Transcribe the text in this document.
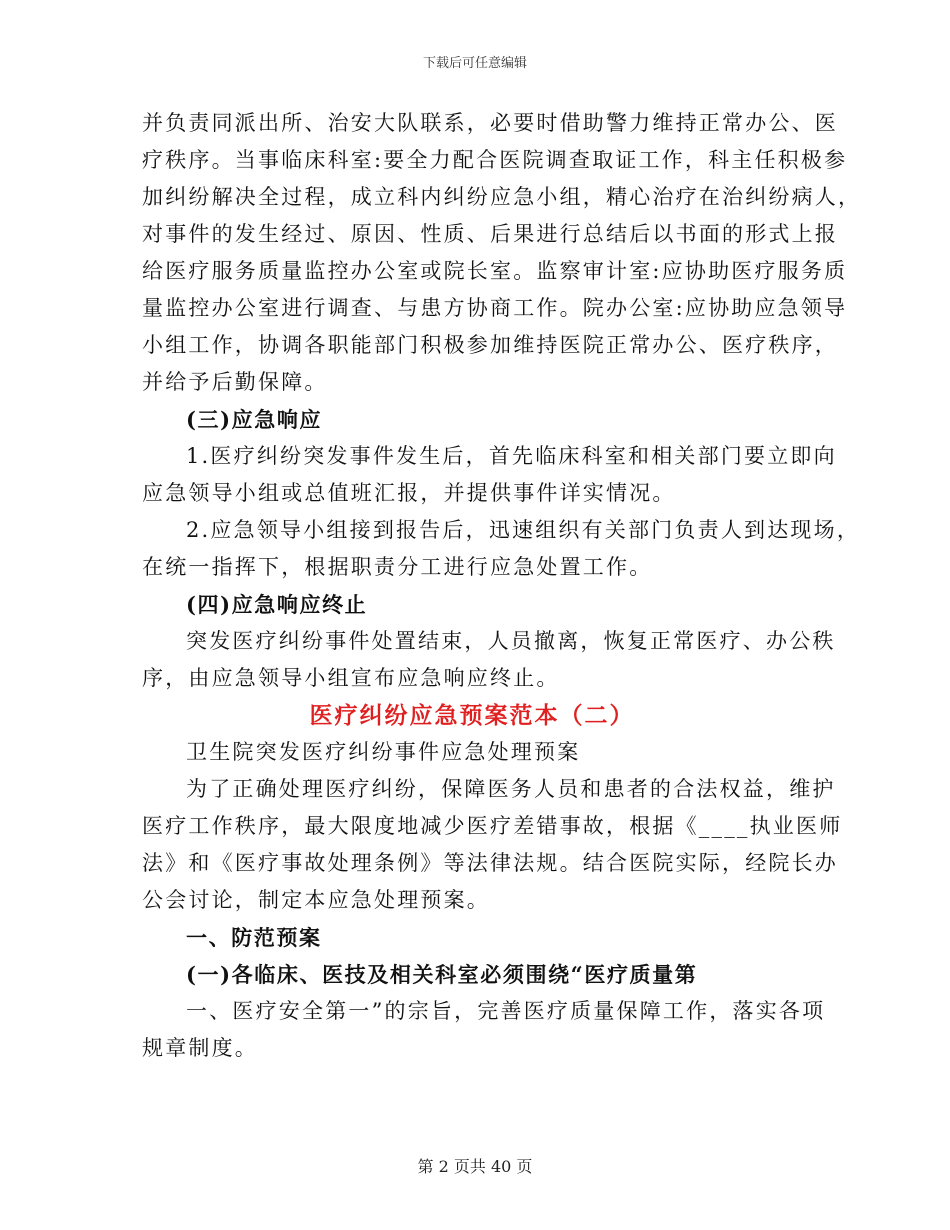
下载后可任意编辑
并负责同派出所、治安大队联系，必要时借助警力维持正常办公、医
疗秩序。当事临床科室:要全力配合医院调查取证工作，科主任积极参
加纠纷解决全过程，成立科内纠纷应急小组，精心治疗在治纠纷病人，
对事件的发生经过、原因、性质、后果进行总结后以书面的形式上报
给医疗服务质量监控办公室或院长室。监察审计室:应协助医疗服务质
量监控办公室进行调查、与患方协商工作。院办公室:应协助应急领导
小组工作，协调各职能部门积极参加维持医院正常办公、医疗秩序，
并给予后勤保障。
(三)应急响应
1.医疗纠纷突发事件发生后，首先临床科室和相关部门要立即向
应急领导小组或总值班汇报，并提供事件详实情况。
2.应急领导小组接到报告后，迅速组织有关部门负责人到达现场，
在统一指挥下，根据职责分工进行应急处置工作。
(四)应急响应终止
突发医疗纠纷事件处置结束，人员撤离，恢复正常医疗、办公秩
序，由应急领导小组宣布应急响应终止。
医疗纠纷应急预案范本（二）
卫生院突发医疗纠纷事件应急处理预案
为了正确处理医疗纠纷，保障医务人员和患者的合法权益，维护
医疗工作秩序，最大限度地减少医疗差错事故，根据《____执业医师
法》和《医疗事故处理条例》等法律法规。结合医院实际，经院长办
公会讨论，制定本应急处理预案。
一、防范预案
(一)各临床、医技及相关科室必须围绕“医疗质量第
一、医疗安全第一”的宗旨，完善医疗质量保障工作，落实各项
规章制度。
第 2 页共 40 页
